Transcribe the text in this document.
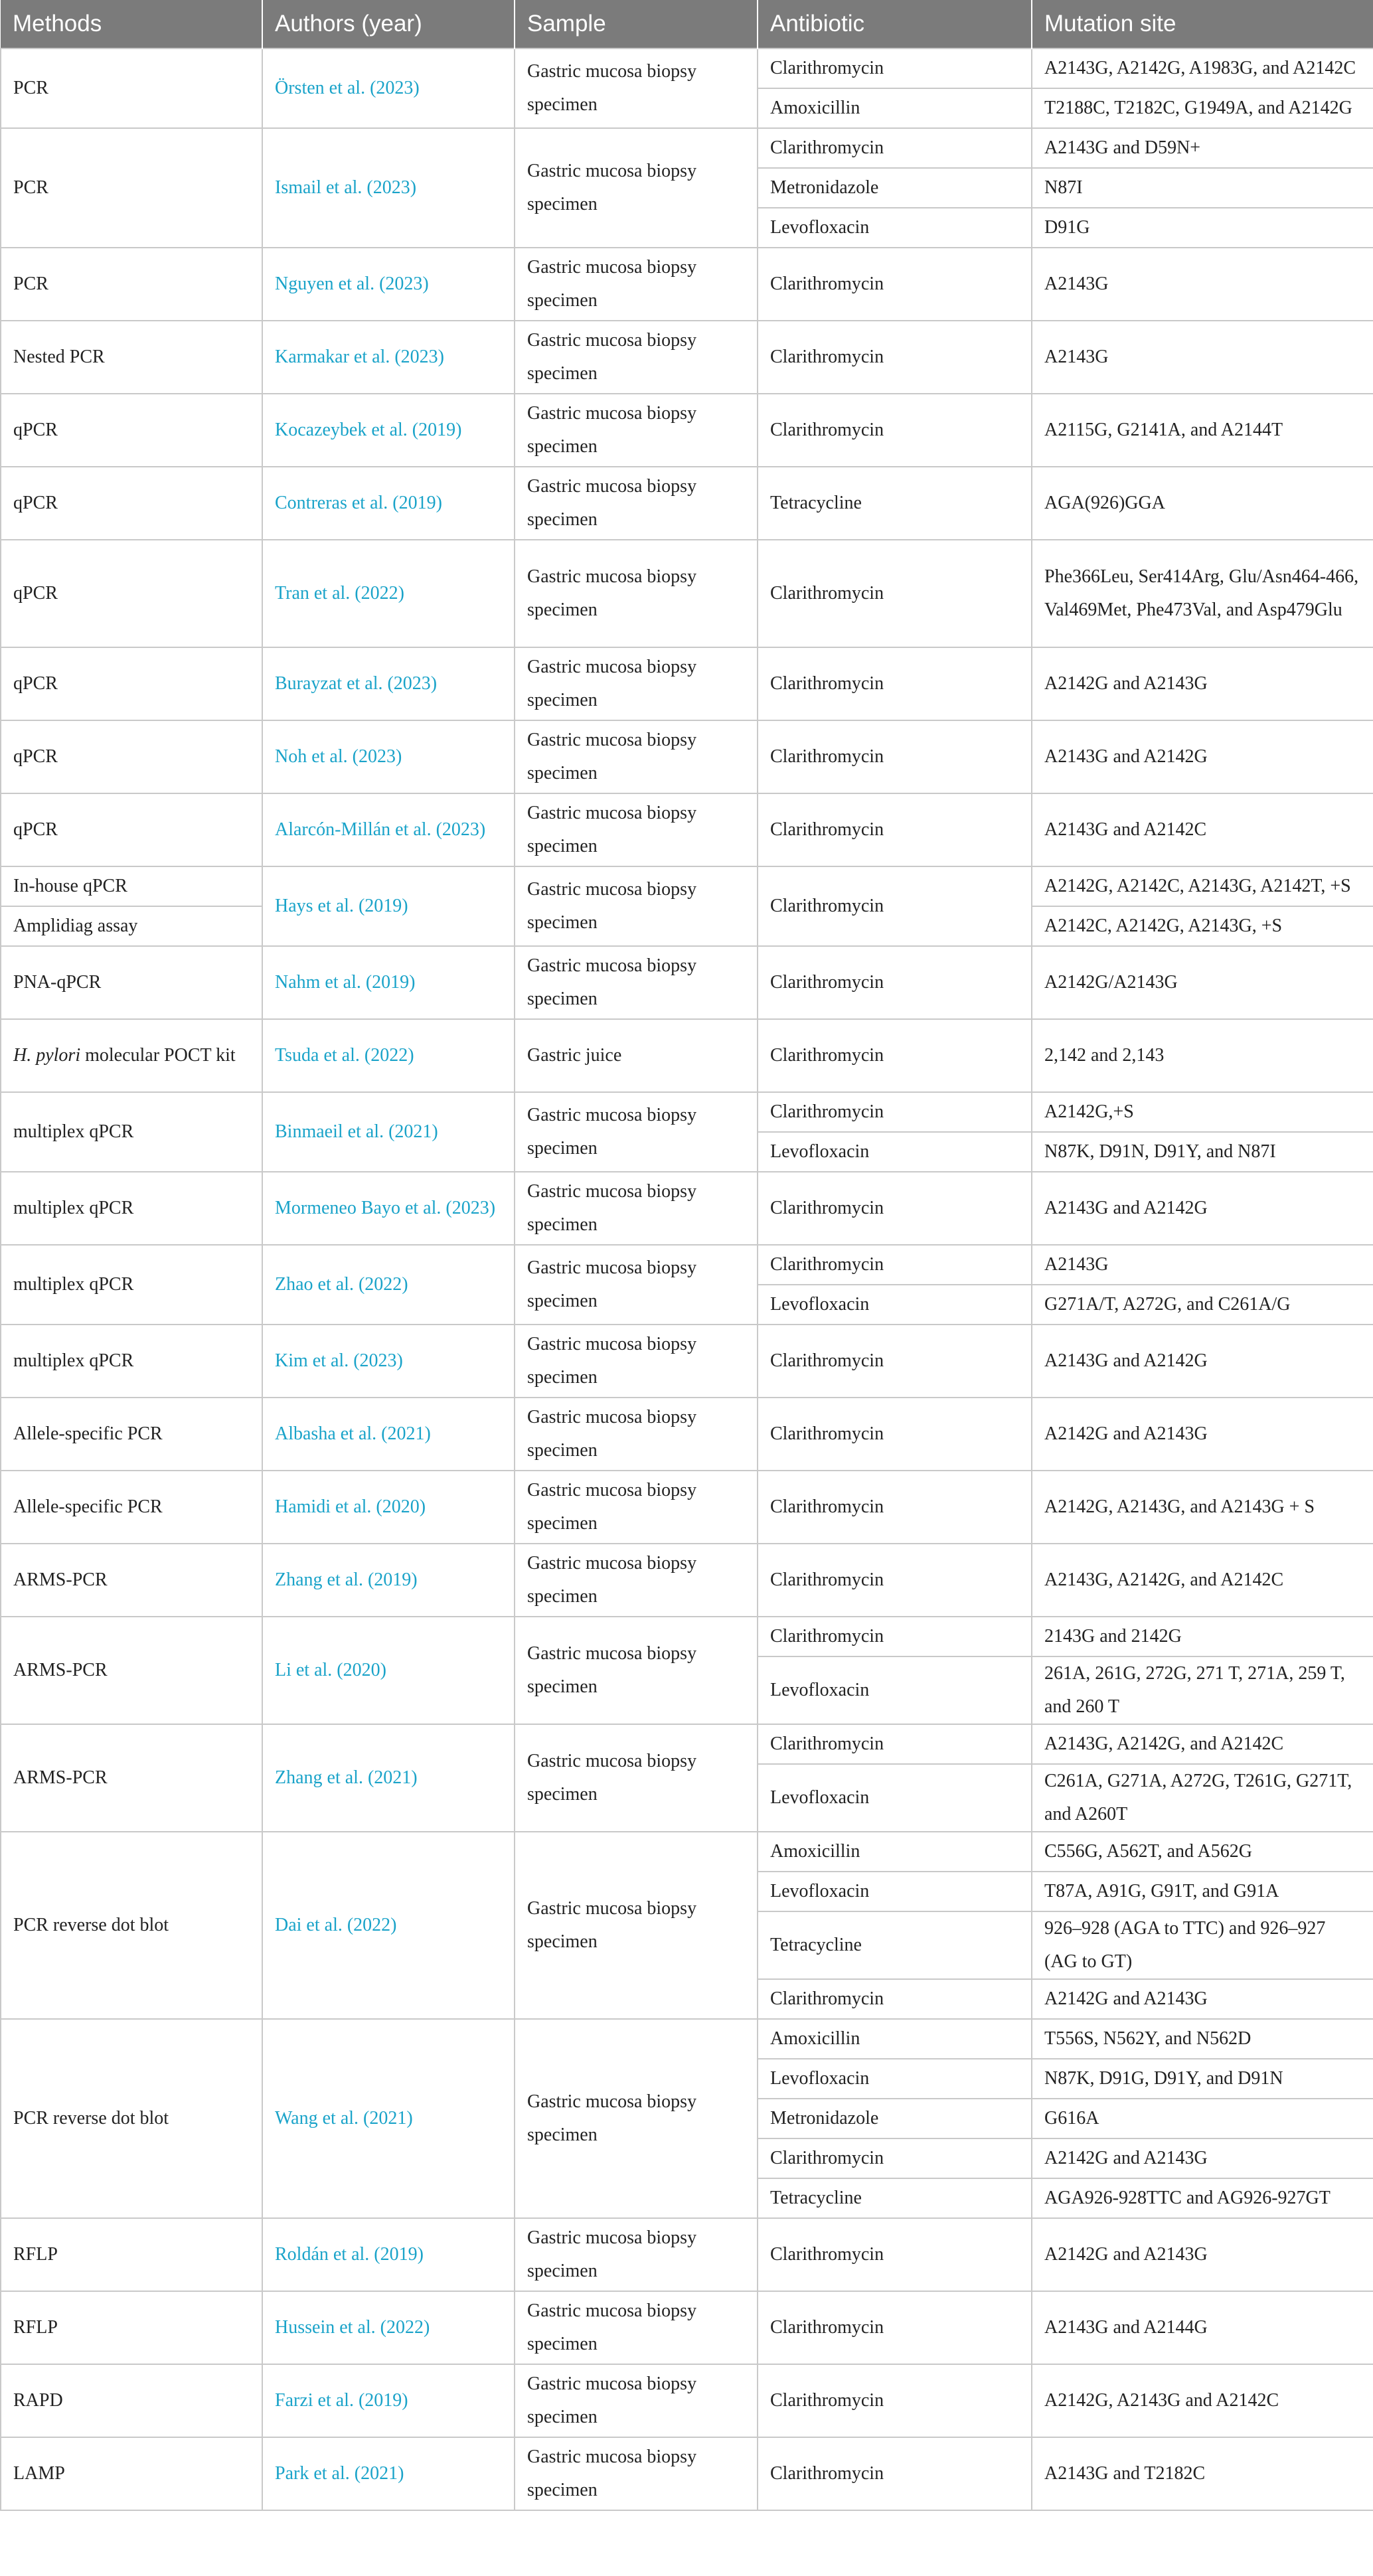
Methods	Authors (year)	Sample	Antibiotic	Mutation site
PCR	Örsten et al. (2023)	Gastric mucosa biopsy specimen	Clarithromycin	A2143G, A2142G, A1983G, and A2142C
			Amoxicillin	T2188C, T2182C, G1949A, and A2142G
PCR	Ismail et al. (2023)	Gastric mucosa biopsy specimen	Clarithromycin	A2143G and D59N+
			Metronidazole	N87I
			Levofloxacin	D91G
PCR	Nguyen et al. (2023)	Gastric mucosa biopsy specimen	Clarithromycin	A2143G
Nested PCR	Karmakar et al. (2023)	Gastric mucosa biopsy specimen	Clarithromycin	A2143G
qPCR	Kocazeybek et al. (2019)	Gastric mucosa biopsy specimen	Clarithromycin	A2115G, G2141A, and A2144T
qPCR	Contreras et al. (2019)	Gastric mucosa biopsy specimen	Tetracycline	AGA(926)GGA
qPCR	Tran et al. (2022)	Gastric mucosa biopsy specimen	Clarithromycin	Phe366Leu, Ser414Arg, Glu/Asn464-466, Val469Met, Phe473Val, and Asp479Glu
qPCR	Burayzat et al. (2023)	Gastric mucosa biopsy specimen	Clarithromycin	A2142G and A2143G
qPCR	Noh et al. (2023)	Gastric mucosa biopsy specimen	Clarithromycin	A2143G and A2142G
qPCR	Alarcón-Millán et al. (2023)	Gastric mucosa biopsy specimen	Clarithromycin	A2143G and A2142C
In-house qPCR	Hays et al. (2019)	Gastric mucosa biopsy specimen	Clarithromycin	A2142G, A2142C, A2143G, A2142T, +S
Amplidiag assay				A2142C, A2142G, A2143G, +S
PNA-qPCR	Nahm et al. (2019)	Gastric mucosa biopsy specimen	Clarithromycin	A2142G/A2143G
H. pylori molecular POCT kit	Tsuda et al. (2022)	Gastric juice	Clarithromycin	2,142 and 2,143
multiplex qPCR	Binmaeil et al. (2021)	Gastric mucosa biopsy specimen	Clarithromycin	A2142G,+S
			Levofloxacin	N87K, D91N, D91Y, and N87I
multiplex qPCR	Mormeneo Bayo et al. (2023)	Gastric mucosa biopsy specimen	Clarithromycin	A2143G and A2142G
multiplex qPCR	Zhao et al. (2022)	Gastric mucosa biopsy specimen	Clarithromycin	A2143G
			Levofloxacin	G271A/T, A272G, and C261A/G
multiplex qPCR	Kim et al. (2023)	Gastric mucosa biopsy specimen	Clarithromycin	A2143G and A2142G
Allele-specific PCR	Albasha et al. (2021)	Gastric mucosa biopsy specimen	Clarithromycin	A2142G and A2143G
Allele-specific PCR	Hamidi et al. (2020)	Gastric mucosa biopsy specimen	Clarithromycin	A2142G, A2143G, and A2143G + S
ARMS-PCR	Zhang et al. (2019)	Gastric mucosa biopsy specimen	Clarithromycin	A2143G, A2142G, and A2142C
ARMS-PCR	Li et al. (2020)	Gastric mucosa biopsy specimen	Clarithromycin	2143G and 2142G
			Levofloxacin	261A, 261G, 272G, 271 T, 271A, 259 T, and 260 T
ARMS-PCR	Zhang et al. (2021)	Gastric mucosa biopsy specimen	Clarithromycin	A2143G, A2142G, and A2142C
			Levofloxacin	C261A, G271A, A272G, T261G, G271T, and A260T
PCR reverse dot blot	Dai et al. (2022)	Gastric mucosa biopsy specimen	Amoxicillin	C556G, A562T, and A562G
			Levofloxacin	T87A, A91G, G91T, and G91A
			Tetracycline	926–928 (AGA to TTC) and 926–927 (AG to GT)
			Clarithromycin	A2142G and A2143G
PCR reverse dot blot	Wang et al. (2021)	Gastric mucosa biopsy specimen	Amoxicillin	T556S, N562Y, and N562D
			Levofloxacin	N87K, D91G, D91Y, and D91N
			Metronidazole	G616A
			Clarithromycin	A2142G and A2143G
			Tetracycline	AGA926-928TTC and AG926-927GT
RFLP	Roldán et al. (2019)	Gastric mucosa biopsy specimen	Clarithromycin	A2142G and A2143G
RFLP	Hussein et al. (2022)	Gastric mucosa biopsy specimen	Clarithromycin	A2143G and A2144G
RAPD	Farzi et al. (2019)	Gastric mucosa biopsy specimen	Clarithromycin	A2142G, A2143G and A2142C
LAMP	Park et al. (2021)	Gastric mucosa biopsy specimen	Clarithromycin	A2143G and T2182C
